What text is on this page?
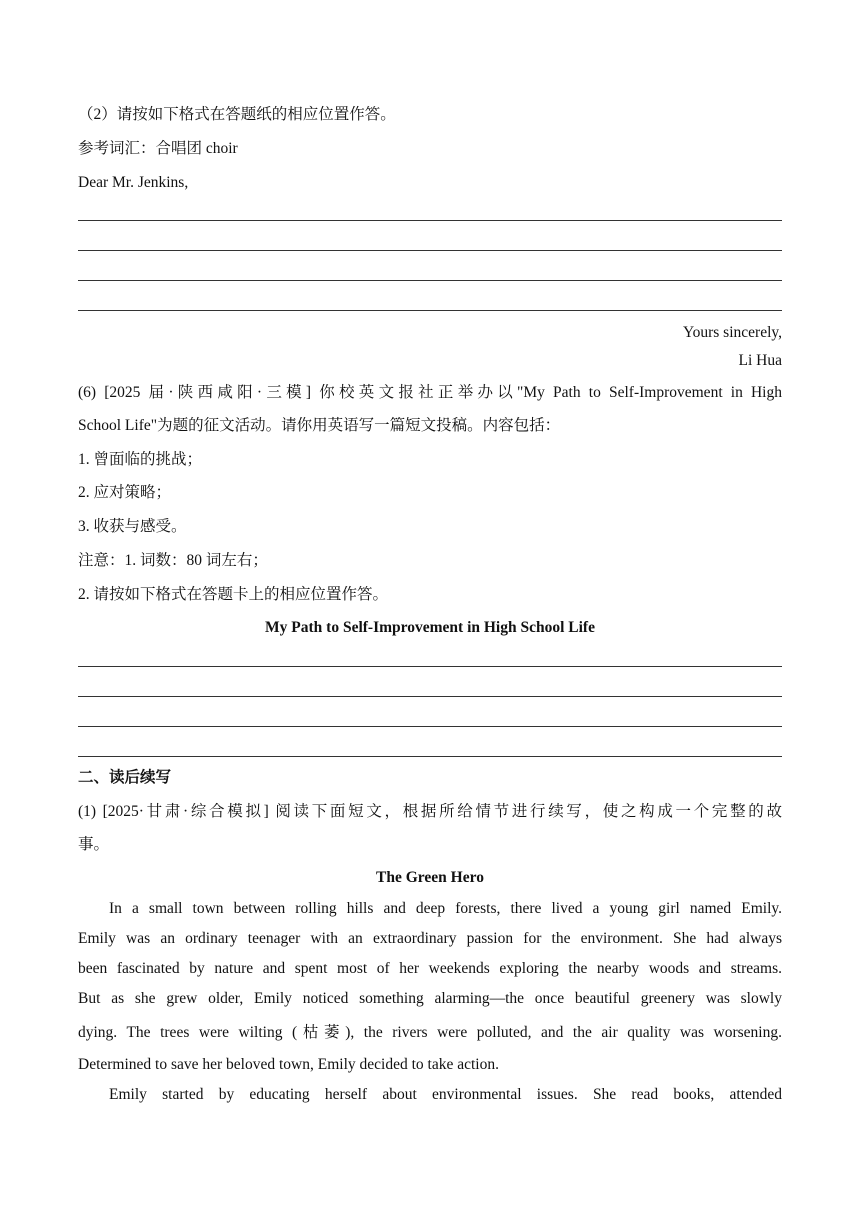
（2）请按如下格式在答题纸的相应位置作答。
参考词汇：合唱团 choir
Dear Mr. Jenkins,
Yours sincerely,
Li Hua
(6) [2025 届·陕西咸阳·三模] 你校英文报社正举办以"My Path to Self-Improvement in High
School Life"为题的征文活动。请你用英语写一篇短文投稿。内容包括：
1. 曾面临的挑战；
2. 应对策略；
3. 收获与感受。
注意：1. 词数：80 词左右；
2. 请按如下格式在答题卡上的相应位置作答。
My Path to Self-Improvement in High School Life
二、读后续写
(1) [2025·甘肃·综合模拟] 阅读下面短文，根据所给情节进行续写，使之构成一个完整的故
事。
The Green Hero
In a small town between rolling hills and deep forests, there lived a young girl named Emily.
Emily was an ordinary teenager with an extraordinary passion for the environment. She had always
been fascinated by nature and spent most of her weekends exploring the nearby woods and streams.
But as she grew older, Emily noticed something alarming—the once beautiful greenery was slowly
dying. The trees were wilting (枯萎), the rivers were polluted, and the air quality was worsening.
Determined to save her beloved town, Emily decided to take action.
Emily started by educating herself about environmental issues. She read books, attended
